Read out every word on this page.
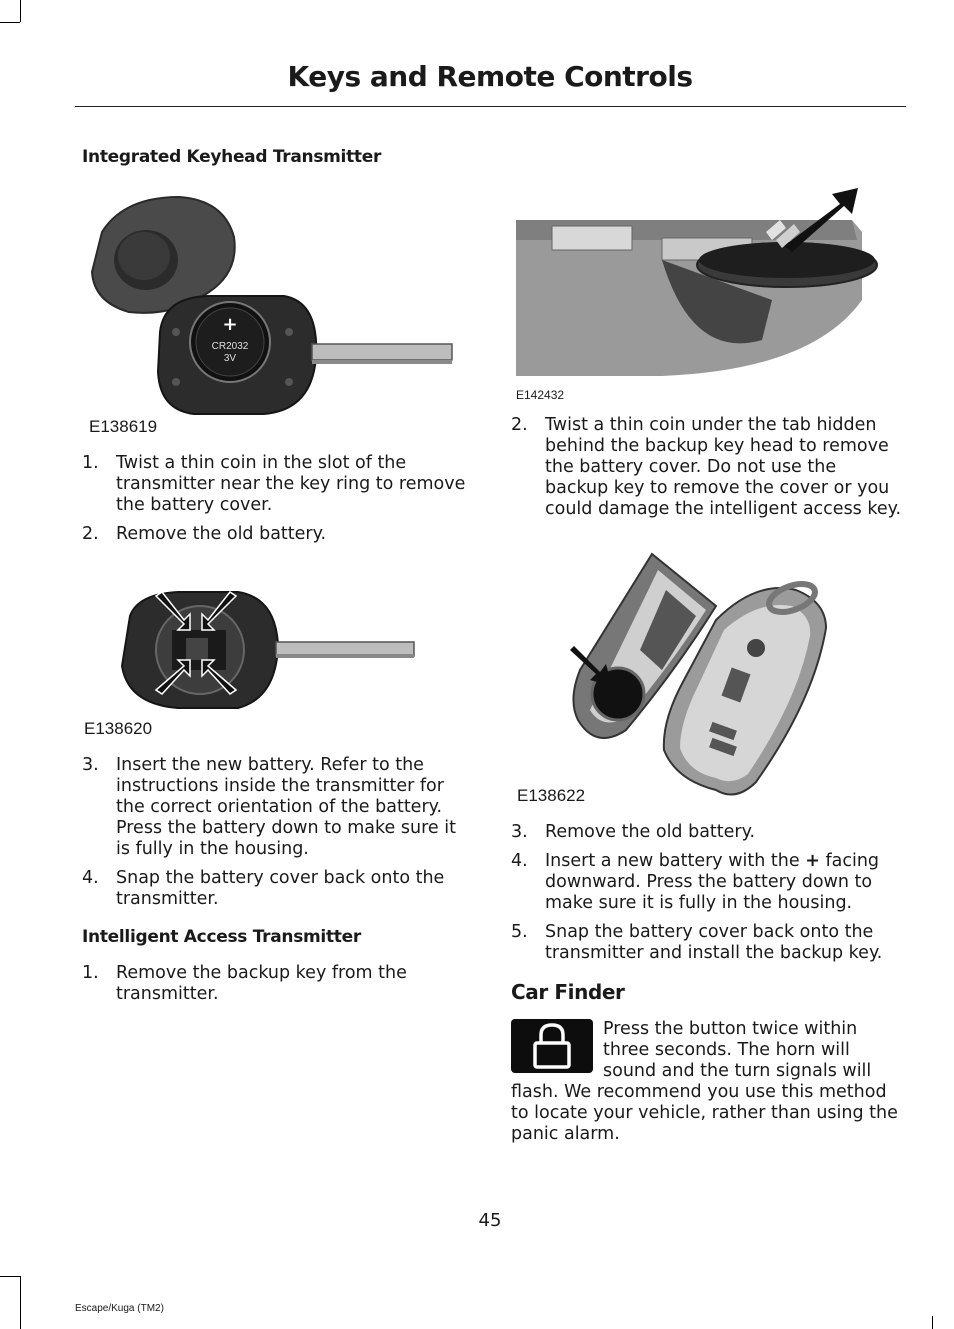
Keys and Remote Controls
Integrated Keyhead Transmitter
+
CR2032
3V
E138619
1. Twist a thin coin in the slot of the transmitter near the key ring to remove the battery cover.
2. Remove the old battery.
E138620
3. Insert the new battery. Refer to the instructions inside the transmitter for the correct orientation of the battery. Press the battery down to make sure it is fully in the housing.
4. Snap the battery cover back onto the transmitter.
Intelligent Access Transmitter
1. Remove the backup key from the transmitter.
E142432
2. Twist a thin coin under the tab hidden behind the backup key head to remove the battery cover. Do not use the backup key to remove the cover or you could damage the intelligent access key.
E138622
3. Remove the old battery.
4. Insert a new battery with the + facing downward. Press the battery down to make sure it is fully in the housing.
5. Snap the battery cover back onto the transmitter and install the backup key.
Car Finder
Press the button twice within three seconds. The horn will sound and the turn signals will flash. We recommend you use this method to locate your vehicle, rather than using the panic alarm.
45
Escape/Kuga (TM2)
